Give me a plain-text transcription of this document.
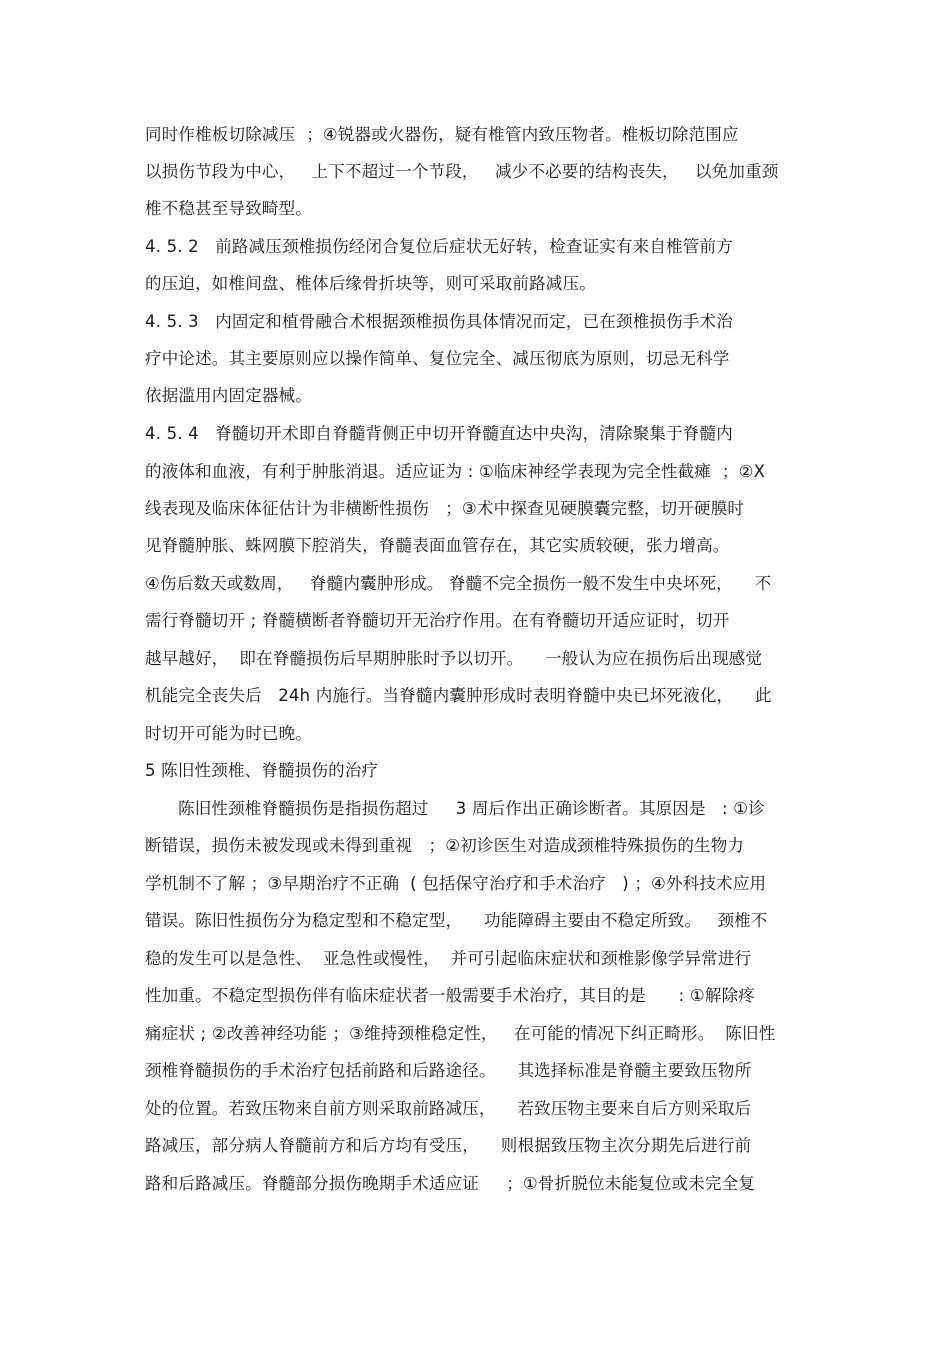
同时作椎板切除减压  ；④锐器或火器伤，疑有椎管内致压物者。椎板切除范围应
以损伤节段为中心，   上下不超过一个节段，   减少不必要的结构丧失，   以免加重颈
椎不稳甚至导致畸型。
4. 5. 2   前路减压颈椎损伤经闭合复位后症状无好转，检查证实有来自椎管前方
的压迫，如椎间盘、椎体后缘骨折块等，则可采取前路减压。
4. 5. 3   内固定和植骨融合术根据颈椎损伤具体情况而定，已在颈椎损伤手术治
疗中论述。其主要原则应以操作简单、复位完全、减压彻底为原则，切忌无科学
依据滥用内固定器械。
4. 5. 4   脊髓切开术即自脊髓背侧正中切开脊髓直达中央沟，清除聚集于脊髓内
的液体和血液，有利于肿胀消退。适应证为 : ①临床神经学表现为完全性截瘫  ；②X
线表现及临床体征估计为非横断性损伤   ；③术中探查见硬膜囊完整，切开硬膜时
见脊髓肿胀、蛛网膜下腔消失，脊髓表面血管存在，其它实质较硬，张力增高。
④伤后数天或数周，   脊髓内囊肿形成。 脊髓不完全损伤一般不发生中央坏死，    不
需行脊髓切开 ; 脊髓横断者脊髓切开无治疗作用。在有脊髓切开适应证时，切开
越早越好，  即在脊髓损伤后早期肿胀时予以切开。    一般认为应在损伤后出现感觉
机能完全丧失后   24h 内施行。当脊髓内囊肿形成时表明脊髓中央已坏死液化，    此
时切开可能为时已晚。
5 陈旧性颈椎、脊髓损伤的治疗
陈旧性颈椎脊髓损伤是指损伤超过     3 周后作出正确诊断者。其原因是   : ①诊
断错误，损伤未被发现或未得到重视   ；②初诊医生对造成颈椎特殊损伤的生物力
学机制不了解 ；③早期治疗不正确  ( 包括保守治疗和手术治疗   ) ；④外科技术应用
错误。陈旧性损伤分为稳定型和不稳定型，    功能障碍主要由不稳定所致。   颈椎不
稳的发生可以是急性、  亚急性或慢性，  并可引起临床症状和颈椎影像学异常进行
性加重。不稳定型损伤伴有临床症状者一般需要手术治疗，其目的是      : ①解除疼
痛症状 ; ②改善神经功能 ；③维持颈椎稳定性，   在可能的情况下纠正畸形。  陈旧性
颈椎脊髓损伤的手术治疗包括前路和后路途径。    其选择标准是脊髓主要致压物所
处的位置。若致压物来自前方则采取前路减压，    若致压物主要来自后方则采取后
路减压，部分病人脊髓前方和后方均有受压，    则根据致压物主次分期先后进行前
路和后路减压。脊髓部分损伤晚期手术适应证     ；①骨折脱位未能复位或未完全复
